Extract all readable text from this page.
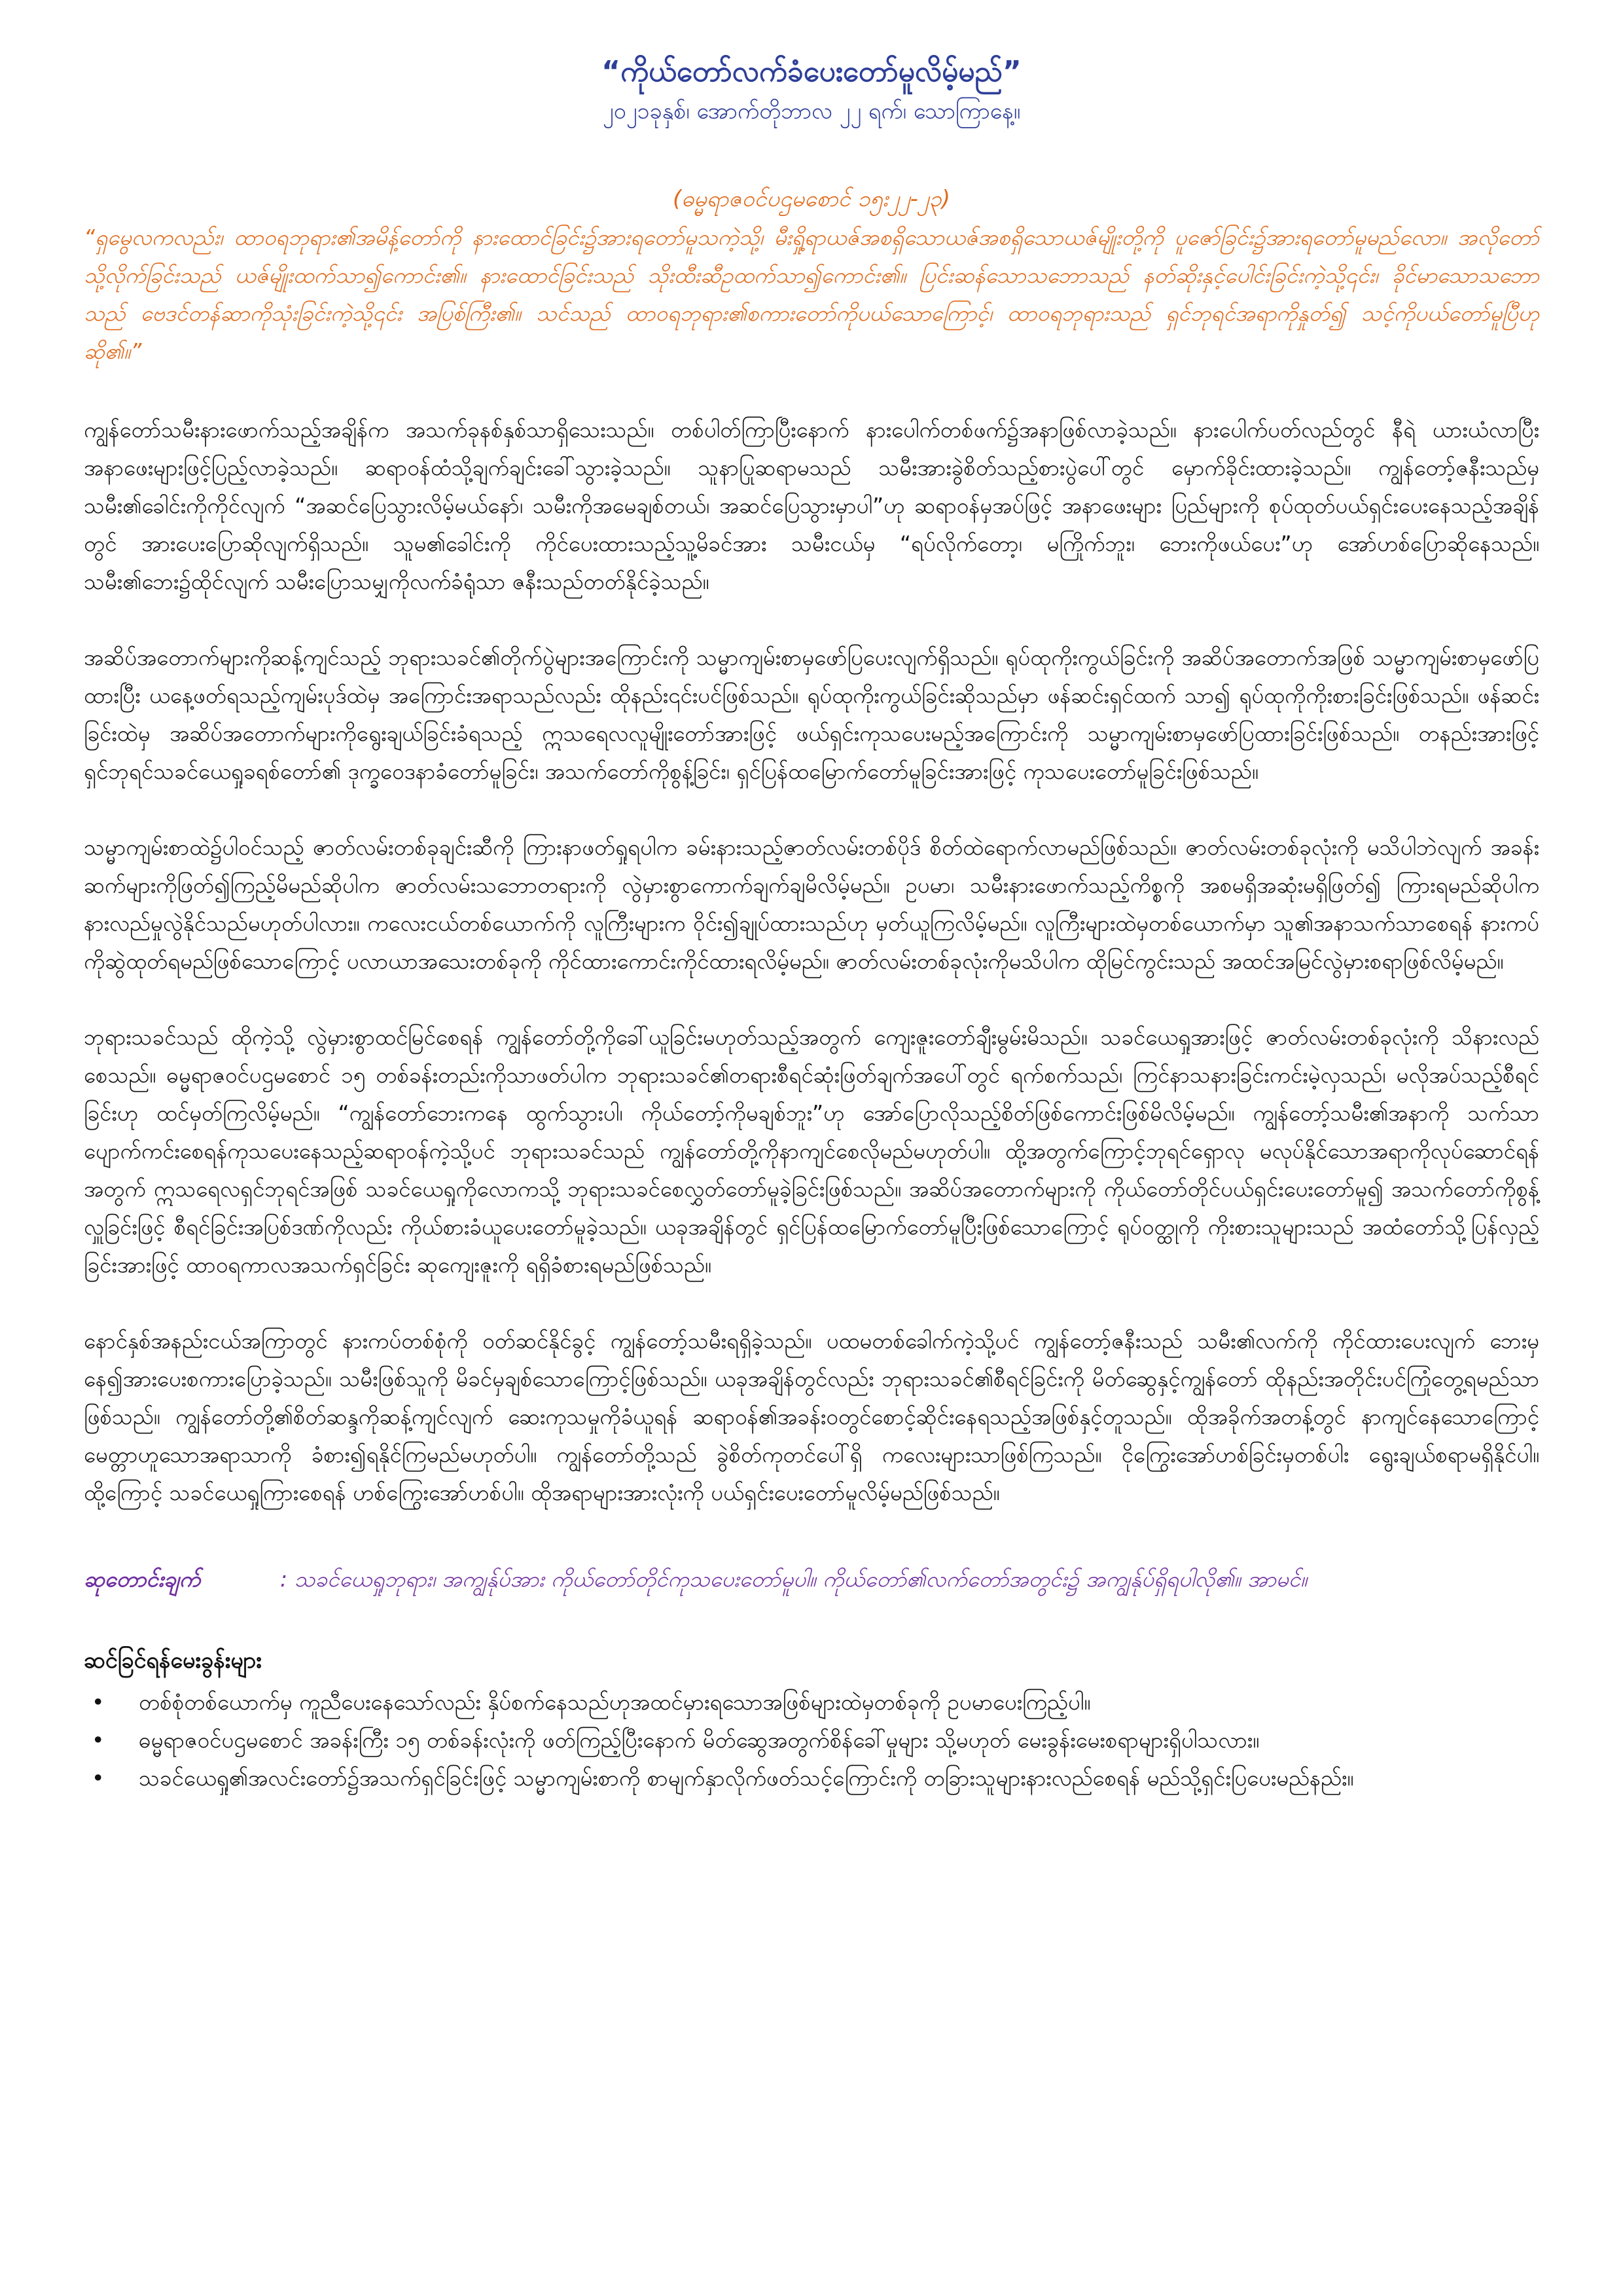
“ကိုယ်တော်လက်ခံပေးတော်မူလိမ့်မည်”

၂၀၂၁ခုနှစ်၊ အောက်တိုဘာလ ၂၂ ရက်၊ သောကြာနေ့။

(ဓမ္မရာဇဝင်ပဌမစောင် ၁၅း၂၂-၂၃)

“ရှမွေလကလည်း၊ ထာဝရဘုရား၏အမိန့်တော်ကို နားထောင်ခြင်း၌အားရတော်မူသကဲ့သို့၊ မီးရှို့ရာယဇ်အစရှိသောယဇ်အစရှိသောယဇ်မျိုးတို့ကို ပူဇော်ခြင်း၌အားရတော်မူမည်လော။ အလိုတော်သို့လိုက်ခြင်းသည် ယဇ်မျိုးထက်သာ၍ကောင်း၏။ နားထောင်ခြင်းသည် သိုးထီးဆီဥထက်သာ၍ကောင်း၏။ ပြင်းဆန်သောသဘောသည် နတ်ဆိုးနှင့်ပေါင်းခြင်းကဲ့သို့၎င်း၊ ခိုင်မာသောသဘောသည် ဗေဒင်တန်ဆာကိုသုံးခြင်းကဲ့သို့၎င်း အပြစ်ကြီး၏။ သင်သည် ထာဝရဘုရား၏စကားတော်ကိုပယ်သောကြောင့်၊ ထာဝရဘုရားသည် ရှင်ဘုရင်အရာကိုနှုတ်၍ သင့်ကိုပယ်တော်မူပြီဟုဆို၏။”

ကျွန်တော်သမီးနားဖောက်သည့်အချိန်က အသက်ခုနစ်နှစ်သာရှိသေးသည်။ တစ်ပါတ်ကြာပြီးနောက် နားပေါက်တစ်ဖက်၌အနာဖြစ်လာခဲ့သည်။ နားပေါက်ပတ်လည်တွင် နီရဲ ယားယံလာပြီး အနာဖေးများဖြင့်ပြည့်လာခဲ့သည်။ ဆရာဝန်ထံသို့ချက်ချင်းခေါ်သွားခဲ့သည်။ သူနာပြုဆရာမသည် သမီးအားခွဲစိတ်သည့်စားပွဲပေါ်တွင် မှောက်ခိုင်းထားခဲ့သည်။ ကျွန်တော့်ဇနီးသည်မှ သမီး၏ခေါင်းကိုကိုင်လျက် “အဆင်ပြေသွားလိမ့်မယ်နော်၊ သမီးကိုအမေချစ်တယ်၊ အဆင်ပြေသွားမှာပါ”ဟု ဆရာဝန်မှအပ်ဖြင့် အနာဖေးများ ပြည်များကို စုပ်ထုတ်ပယ်ရှင်းပေးနေသည့်အချိန်တွင် အားပေးပြောဆိုလျက်ရှိသည်။ သူမ၏ခေါင်းကို ကိုင်ပေးထားသည့်သူ့မိခင်အား သမီးငယ်မှ “ရပ်လိုက်တော့၊ မကြိုက်ဘူး၊ ဘေးကိုဖယ်ပေး”ဟု အော်ဟစ်ပြောဆိုနေသည်။ သမီး၏ဘေး၌ထိုင်လျက် သမီးပြောသမျှကိုလက်ခံရုံသာ ဇနီးသည်တတ်နိုင်ခဲ့သည်။

အဆိပ်အတောက်များကိုဆန့်ကျင်သည့် ဘုရားသခင်၏တိုက်ပွဲများအကြောင်းကို သမ္မာကျမ်းစာမှဖော်ပြပေးလျက်ရှိသည်။ ရုပ်ထုကိုးကွယ်ခြင်းကို အဆိပ်အတောက်အဖြစ် သမ္မာကျမ်းစာမှဖော်ပြထားပြီး ယနေ့ဖတ်ရသည့်ကျမ်းပုဒ်ထဲမှ အကြောင်းအရာသည်လည်း ထိုနည်း၎င်းပင်ဖြစ်သည်။ ရုပ်ထုကိုးကွယ်ခြင်းဆိုသည်မှာ ဖန်ဆင်းရှင်ထက် သာ၍ ရုပ်ထုကိုကိုးစားခြင်းဖြစ်သည်။ ဖန်ဆင်းခြင်းထဲမှ အဆိပ်အတောက်များကိုရွေးချယ်ခြင်းခံရသည့် ဣသရေလလူမျိုးတော်အားဖြင့် ဖယ်ရှင်းကုသပေးမည့်အကြောင်းကို သမ္မာကျမ်းစာမှဖော်ပြထားခြင်းဖြစ်သည်။ တနည်းအားဖြင့် ရှင်ဘုရင်သခင်ယေရှုခရစ်တော်၏ ဒုက္ခဝေဒနာခံတော်မူခြင်း၊ အသက်တော်ကိုစွန့်ခြင်း၊ ရှင်ပြန်ထမြောက်တော်မူခြင်းအားဖြင့် ကုသပေးတော်မူခြင်းဖြစ်သည်။

သမ္မာကျမ်းစာထဲ၌ပါဝင်သည့် ဇာတ်လမ်းတစ်ခုချင်းဆီကို ကြားနာဖတ်ရှုရပါက ခမ်းနားသည့်ဇာတ်လမ်းတစ်ပိုဒ် စိတ်ထဲရောက်လာမည်ဖြစ်သည်။ ဇာတ်လမ်းတစ်ခုလုံးကို မသိပါဘဲလျက် အခန်းဆက်များကိုဖြတ်၍ကြည့်မိမည်ဆိုပါက ဇာတ်လမ်းသဘောတရားကို လွဲမှားစွာကောက်ချက်ချမိလိမ့်မည်။ ဥပမာ၊ သမီးနားဖောက်သည့်ကိစ္စကို အစမရှိအဆုံးမရှိဖြတ်၍ ကြားရမည်ဆိုပါက နားလည်မှုလွဲနိုင်သည်မဟုတ်ပါလား။ ကလေးငယ်တစ်ယောက်ကို လူကြီးများက ဝိုင်း၍ချုပ်ထားသည်ဟု မှတ်ယူကြလိမ့်မည်။ လူကြီးများထဲမှတစ်ယောက်မှာ သူ၏အနာသက်သာစေရန် နားကပ်ကိုဆွဲထုတ်ရမည်ဖြစ်သောကြောင့် ပလာယာအသေးတစ်ခုကို ကိုင်ထားကောင်းကိုင်ထားရလိမ့်မည်။ ဇာတ်လမ်းတစ်ခုလုံးကိုမသိပါက ထိုမြင်ကွင်းသည် အထင်အမြင်လွဲမှားစရာဖြစ်လိမ့်မည်။

ဘုရားသခင်သည် ထိုကဲ့သို့ လွဲမှားစွာထင်မြင်စေရန် ကျွန်တော်တို့ကိုခေါ်ယူခြင်းမဟုတ်သည့်အတွက် ကျေးဇူးတော်ချီးမွမ်းမိသည်။ သခင်ယေရှုအားဖြင့် ဇာတ်လမ်းတစ်ခုလုံးကို သိနားလည်စေသည်။ ဓမ္မရာဇဝင်ပဌမစောင် ၁၅ တစ်ခန်းတည်းကိုသာဖတ်ပါက ဘုရားသခင်၏တရားစီရင်ဆုံးဖြတ်ချက်အပေါ်တွင် ရက်စက်သည်၊ ကြင်နာသနားခြင်းကင်းမဲ့လှသည်၊ မလိုအပ်သည့်စီရင်ခြင်းဟု ထင်မှတ်ကြလိမ့်မည်။ “ကျွန်တော်ဘေးကနေ ထွက်သွားပါ၊ ကိုယ်တော့်ကိုမချစ်ဘူး”ဟု အော်ပြောလိုသည့်စိတ်ဖြစ်ကောင်းဖြစ်မိလိမ့်မည်။ ကျွန်တော့်သမီး၏အနာကို သက်သာပျောက်ကင်းစေရန်ကုသပေးနေသည့်ဆရာဝန်ကဲ့သို့ပင် ဘုရားသခင်သည် ကျွန်တော်တို့ကိုနာကျင်စေလိုမည်မဟုတ်ပါ။ ထို့အတွက်ကြောင့်ဘုရင်ရှောလု မလုပ်နိုင်သောအရာကိုလုပ်ဆောင်ရန်အတွက် ဣသရေလရှင်ဘုရင်အဖြစ် သခင်ယေရှုကိုလောကသို့ ဘုရားသခင်စေလွှတ်တော်မူခဲ့ခြင်းဖြစ်သည်။ အဆိပ်အတောက်များကို ကိုယ်တော်တိုင်ပယ်ရှင်းပေးတော်မူ၍ အသက်တော်ကိုစွန့်လှူခြင်းဖြင့် စီရင်ခြင်းအပြစ်ဒဏ်ကိုလည်း ကိုယ်စားခံယူပေးတော်မူခဲ့သည်။ ယခုအချိန်တွင် ရှင်ပြန်ထမြောက်တော်မူပြီးဖြစ်သောကြောင့် ရုပ်ဝတ္ထုကို ကိုးစားသူများသည် အထံတော်သို့ပြန်လှည့်ခြင်းအားဖြင့် ထာဝရကာလအသက်ရှင်ခြင်း ဆုကျေးဇူးကို ရရှိခံစားရမည်ဖြစ်သည်။

နောင်နှစ်အနည်းငယ်အကြာတွင် နားကပ်တစ်စုံကို ဝတ်ဆင်နိုင်ခွင့် ကျွန်တော့်သမီးရရှိခဲ့သည်။ ပထမတစ်ခေါက်ကဲ့သို့ပင် ကျွန်တော့်ဇနီးသည် သမီး၏လက်ကို ကိုင်ထားပေးလျက် ဘေးမှနေ၍အားပေးစကားပြောခဲ့သည်။ သမီးဖြစ်သူကို မိခင်မှချစ်သောကြောင့်ဖြစ်သည်။ ယခုအချိန်တွင်လည်း ဘုရားသခင်၏စီရင်ခြင်းကို မိတ်ဆွေနှင့်ကျွန်တော် ထိုနည်းအတိုင်းပင်ကြုံတွေ့ရမည်သာဖြစ်သည်။ ကျွန်တော်တို့၏စိတ်ဆန္ဒကိုဆန့်ကျင်လျက် ဆေးကုသမှုကိုခံယူရန် ဆရာဝန်၏အခန်းဝတွင်စောင့်ဆိုင်းနေရသည့်အဖြစ်နှင့်တူသည်။ ထိုအခိုက်အတန့်တွင် နာကျင်နေသောကြောင့် မေတ္တာဟူသောအရာသာကို ခံစား၍ရနိုင်ကြမည်မဟုတ်ပါ။ ကျွန်တော်တို့သည် ခွဲစိတ်ကုတင်ပေါ်ရှိ ကလေးများသာဖြစ်ကြသည်။ ငိုကြွေးအော်ဟစ်ခြင်းမှတစ်ပါး ရွေးချယ်စရာမရှိနိုင်ပါ။ ထို့ကြောင့် သခင်ယေရှုကြားစေရန် ဟစ်ကြွေးအော်ဟစ်ပါ။ ထိုအရာများအားလုံးကို ပယ်ရှင်းပေးတော်မူလိမ့်မည်ဖြစ်သည်။

ဆုတောင်းချက်	: သခင်ယေရှုဘုရား၊ အကျွန်ုပ်အား ကိုယ်တော်တိုင်ကုသပေးတော်မူပါ။ ကိုယ်တော်၏လက်တော်အတွင်း၌ အကျွန်ုပ်ရှိရပါလို၏။ အာမင်။

ဆင်ခြင်ရန်မေးခွန်းများ

• တစ်စုံတစ်ယောက်မှ ကူညီပေးနေသော်လည်း နှိပ်စက်နေသည်ဟုအထင်မှားရသောအဖြစ်များထဲမှတစ်ခုကို ဥပမာပေးကြည့်ပါ။
• ဓမ္မရာဇဝင်ပဌမစောင် အခန်းကြီး ၁၅ တစ်ခန်းလုံးကို ဖတ်ကြည့်ပြီးနောက် မိတ်ဆွေအတွက်စိန်ခေါ်မှုများ သို့မဟုတ် မေးခွန်းမေးစရာများရှိပါသလား။
• သခင်ယေရှု၏အလင်းတော်၌အသက်ရှင်ခြင်းဖြင့် သမ္မာကျမ်းစာကို စာမျက်နှာလိုက်ဖတ်သင့်ကြောင်းကို တခြားသူများနားလည်စေရန် မည်သို့ရှင်းပြပေးမည်နည်း။
